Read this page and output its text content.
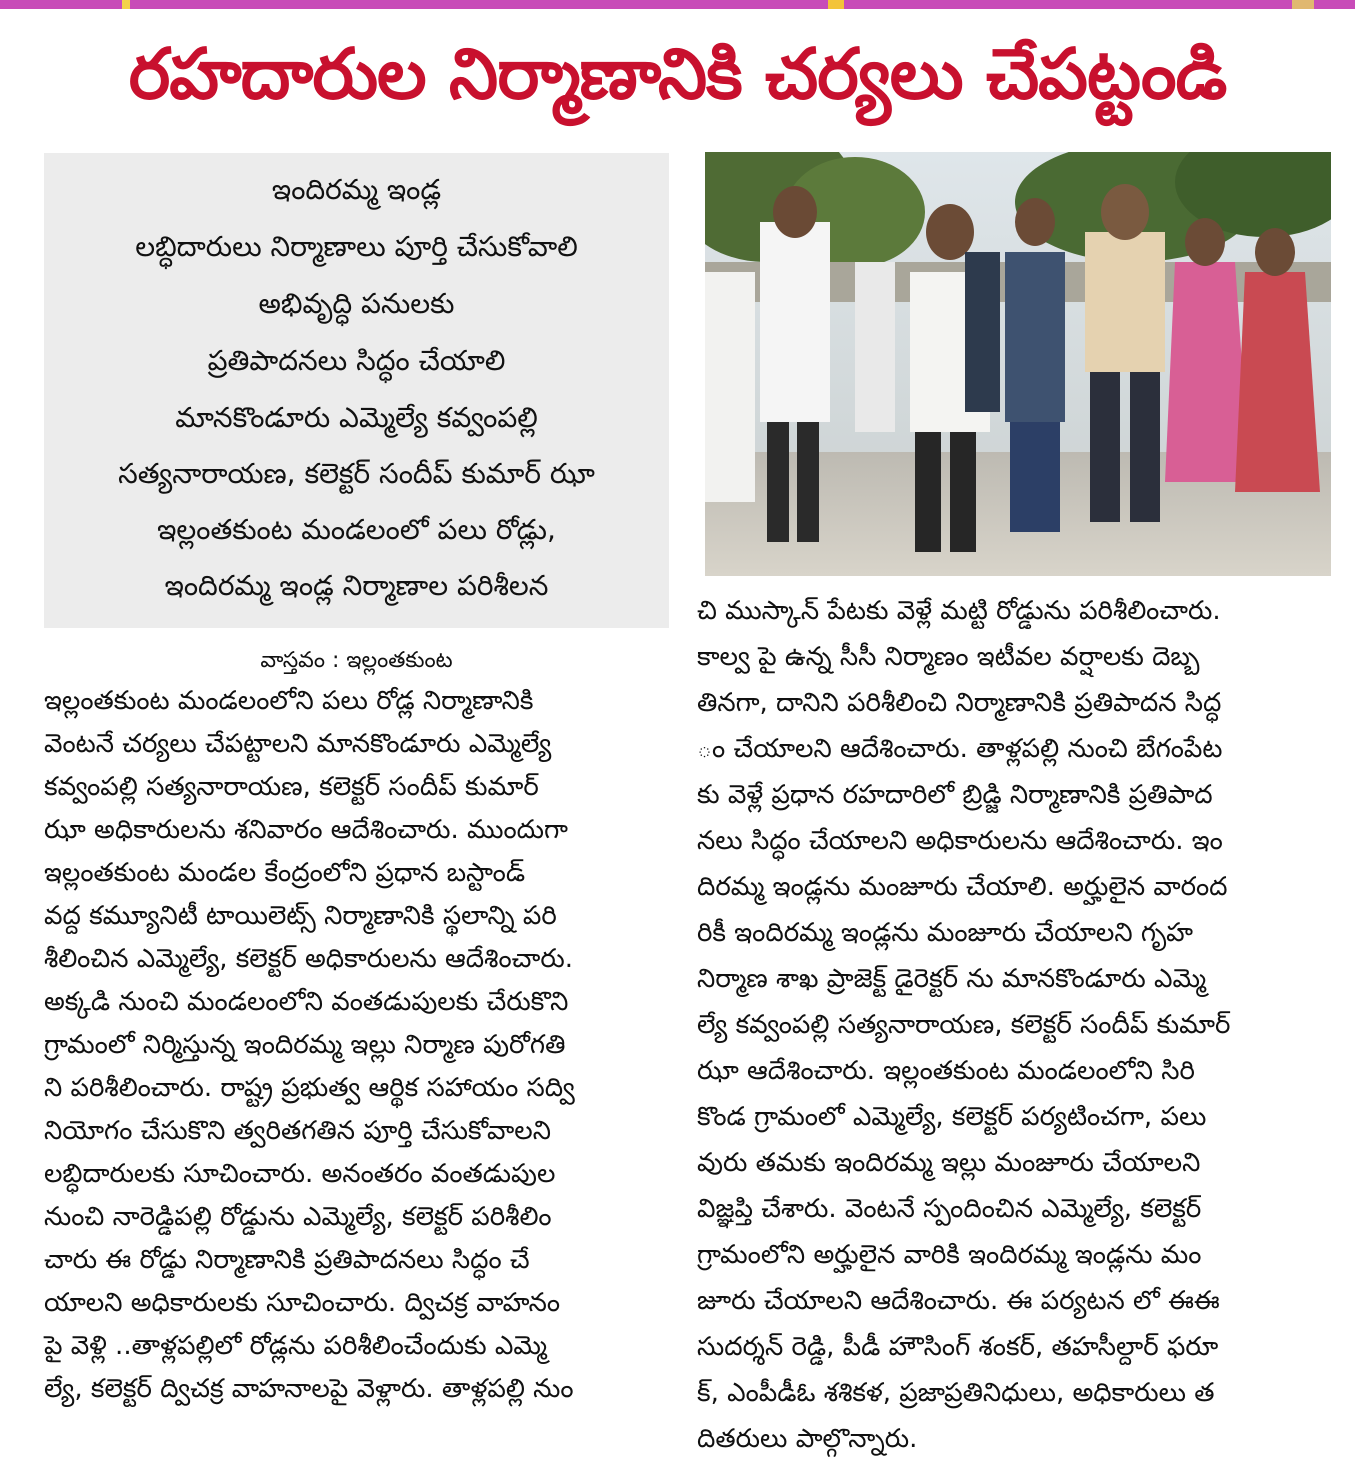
రహదారుల నిర్మాణానికి చర్యలు చేపట్టండి
ఇందిరమ్మ ఇండ్ల
లబ్ధిదారులు నిర్మాణాలు పూర్తి చేసుకోవాలి
అభివృద్ధి పనులకు
ప్రతిపాదనలు సిద్ధం చేయాలి
మానకొండూరు ఎమ్మెల్యే కవ్వంపల్లి
సత్యనారాయణ, కలెక్టర్ సందీప్ కుమార్ ఝా
ఇల్లంతకుంట మండలంలో పలు రోడ్లు,
ఇందిరమ్మ ఇండ్ల నిర్మాణాల పరిశీలన
వాస్తవం : ఇల్లంతకుంట
ఇల్లంతకుంట మండలంలోని పలు రోడ్ల నిర్మాణానికి
వెంటనే చర్యలు చేపట్టాలని మానకొండూరు ఎమ్మెల్యే
కవ్వంపల్లి సత్యనారాయణ, కలెక్టర్ సందీప్ కుమార్
ఝా అధికారులను శనివారం ఆదేశించారు. ముందుగా
ఇల్లంతకుంట మండల కేంద్రంలోని ప్రధాన బస్టాండ్
వద్ద కమ్యూనిటీ టాయిలెట్స్ నిర్మాణానికి స్థలాన్ని పరి
శీలించిన ఎమ్మెల్యే, కలెక్టర్ అధికారులను ఆదేశించారు.
అక్కడి నుంచి మండలంలోని వంతడుపులకు చేరుకొని
గ్రామంలో నిర్మిస్తున్న ఇందిరమ్మ ఇల్లు నిర్మాణ పురోగతి
ని పరిశీలించారు. రాష్ట్ర ప్రభుత్వ ఆర్థిక సహాయం సద్వి
నియోగం చేసుకొని త్వరితగతిన పూర్తి చేసుకోవాలని
లబ్ధిదారులకు సూచించారు. అనంతరం వంతడుపుల
నుంచి నారెడ్డిపల్లి రోడ్డును ఎమ్మెల్యే, కలెక్టర్ పరిశీలిం
చారు ఈ రోడ్డు నిర్మాణానికి ప్రతిపాదనలు సిద్ధం చే
యాలని అధికారులకు సూచించారు. ద్విచక్ర వాహనం
పై వెళ్లి ..తాళ్లపల్లిలో రోడ్లను పరిశీలించేందుకు ఎమ్మె
ల్యే, కలెక్టర్ ద్విచక్ర వాహనాలపై వెళ్లారు. తాళ్లపల్లి నుం
చి ముస్కాన్ పేటకు వెళ్లే మట్టి రోడ్డును పరిశీలించారు.
కాల్వ పై ఉన్న సీసీ నిర్మాణం ఇటీవల వర్షాలకు దెబ్బ
తినగా, దానిని పరిశీలించి నిర్మాణానికి ప్రతిపాదన సిద్ధ
ం చేయాలని ఆదేశించారు. తాళ్లపల్లి నుంచి బేగంపేట
కు వెళ్లే ప్రధాన రహదారిలో బ్రిడ్జి నిర్మాణానికి ప్రతిపాద
నలు సిద్ధం చేయాలని అధికారులను ఆదేశించారు. ఇం
దిరమ్మ ఇండ్లను మంజూరు చేయాలి. అర్హులైన వారంద
రికీ ఇందిరమ్మ ఇండ్లను మంజూరు చేయాలని గృహ
నిర్మాణ శాఖ ప్రాజెక్ట్ డైరెక్టర్ ను మానకొండూరు ఎమ్మె
ల్యే కవ్వంపల్లి సత్యనారాయణ, కలెక్టర్ సందీప్ కుమార్
ఝా ఆదేశించారు. ఇల్లంతకుంట మండలంలోని సిరి
కొండ గ్రామంలో ఎమ్మెల్యే, కలెక్టర్ పర్యటించగా, పలు
వురు తమకు ఇందిరమ్మ ఇల్లు మంజూరు చేయాలని
విజ్ఞప్తి చేశారు. వెంటనే స్పందించిన ఎమ్మెల్యే, కలెక్టర్
గ్రామంలోని అర్హులైన వారికి ఇందిరమ్మ ఇండ్లను మం
జూరు చేయాలని ఆదేశించారు. ఈ పర్యటన లో ఈఈ
సుదర్శన్ రెడ్డి, పీడీ హౌసింగ్ శంకర్, తహసీల్దార్ ఫరూ
క్, ఎంపీడీఓ శశికళ, ప్రజాప్రతినిధులు, అధికారులు త
దితరులు పాల్గొన్నారు.
